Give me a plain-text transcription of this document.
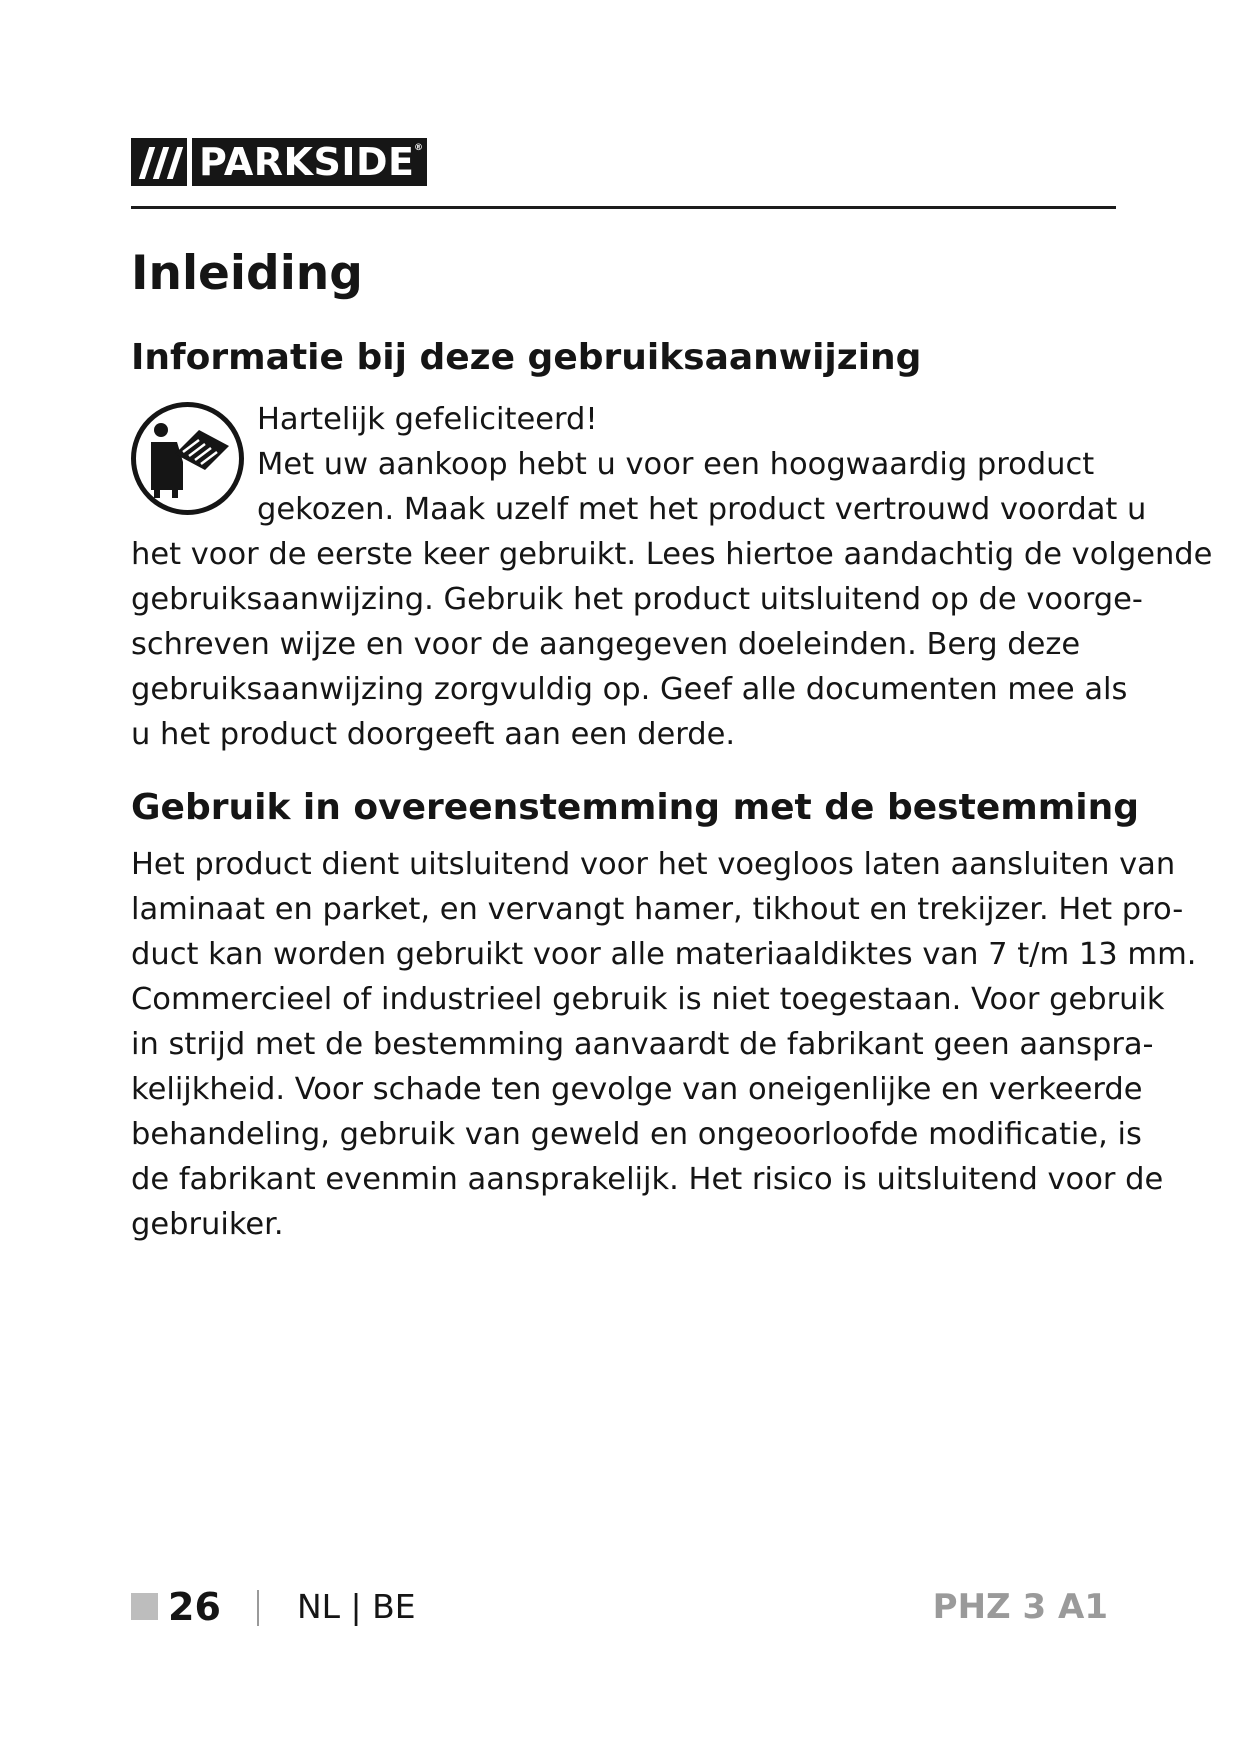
PARKSIDE ®
Inleiding
Informatie bij deze gebruiksaanwijzing
Hartelijk gefeliciteerd!
Met uw aankoop hebt u voor een hoogwaardig product
gekozen. Maak uzelf met het product vertrouwd voordat u
het voor de eerste keer gebruikt. Lees hiertoe aandachtig de volgende
gebruiksaanwijzing. Gebruik het product uitsluitend op de voorge-
schreven wijze en voor de aangegeven doeleinden. Berg deze
gebruiksaanwijzing zorgvuldig op. Geef alle documenten mee als
u het product doorgeeft aan een derde.
Gebruik in overeenstemming met de bestemming
Het product dient uitsluitend voor het voegloos laten aansluiten van
laminaat en parket, en vervangt hamer, tikhout en trekijzer. Het pro-
duct kan worden gebruikt voor alle materiaaldiktes van 7 t/m 13 mm.
Commercieel of industrieel gebruik is niet toegestaan. Voor gebruik
in strijd met de bestemming aanvaardt de fabrikant geen aanspra-
kelijkheid. Voor schade ten gevolge van oneigenlijke en verkeerde
behandeling, gebruik van geweld en ongeoorloofde modificatie, is
de fabrikant evenmin aansprakelijk. Het risico is uitsluitend voor de
gebruiker.
26 NL | BE	PHZ 3 A1
